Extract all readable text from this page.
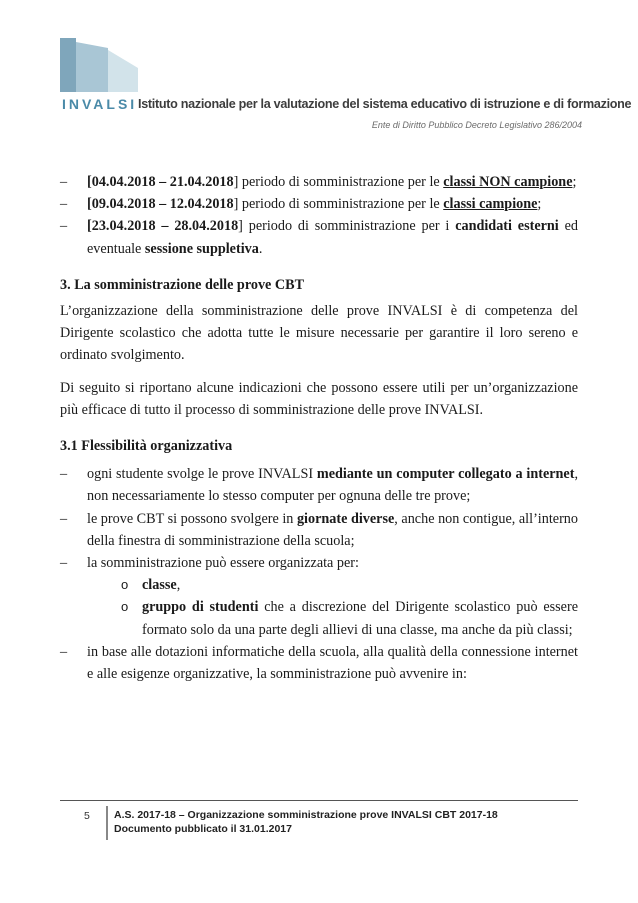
INVALSI Istituto nazionale per la valutazione del sistema educativo di istruzione e di formazione
Ente di Diritto Pubblico Decreto Legislativo 286/2004
– [04.04.2018 – 21.04.2018] periodo di somministrazione per le classi NON campione;
– [09.04.2018 – 12.04.2018] periodo di somministrazione per le classi campione;
– [23.04.2018 – 28.04.2018] periodo di somministrazione per i candidati esterni ed eventuale sessione suppletiva.

3. La somministrazione delle prove CBT

L’organizzazione della somministrazione delle prove INVALSI è di competenza del Dirigente scolastico che adotta tutte le misure necessarie per garantire il loro sereno e ordinato svolgimento.

Di seguito si riportano alcune indicazioni che possono essere utili per un’organizzazione più efficace di tutto il processo di somministrazione delle prove INVALSI.

3.1 Flessibilità organizzativa

– ogni studente svolge le prove INVALSI mediante un computer collegato a internet, non necessariamente lo stesso computer per ognuna delle tre prove;
– le prove CBT si possono svolgere in giornate diverse, anche non contigue, all’interno della finestra di somministrazione della scuola;
– la somministrazione può essere organizzata per:
o classe,
o gruppo di studenti che a discrezione del Dirigente scolastico può essere formato solo da una parte degli allievi di una classe, ma anche da più classi;
– in base alle dotazioni informatiche della scuola, alla qualità della connessione internet e alle esigenze organizzative, la somministrazione può avvenire in:
5 A.S. 2017-18 – Organizzazione somministrazione prove INVALSI CBT 2017-18
Documento pubblicato il 31.01.2017
